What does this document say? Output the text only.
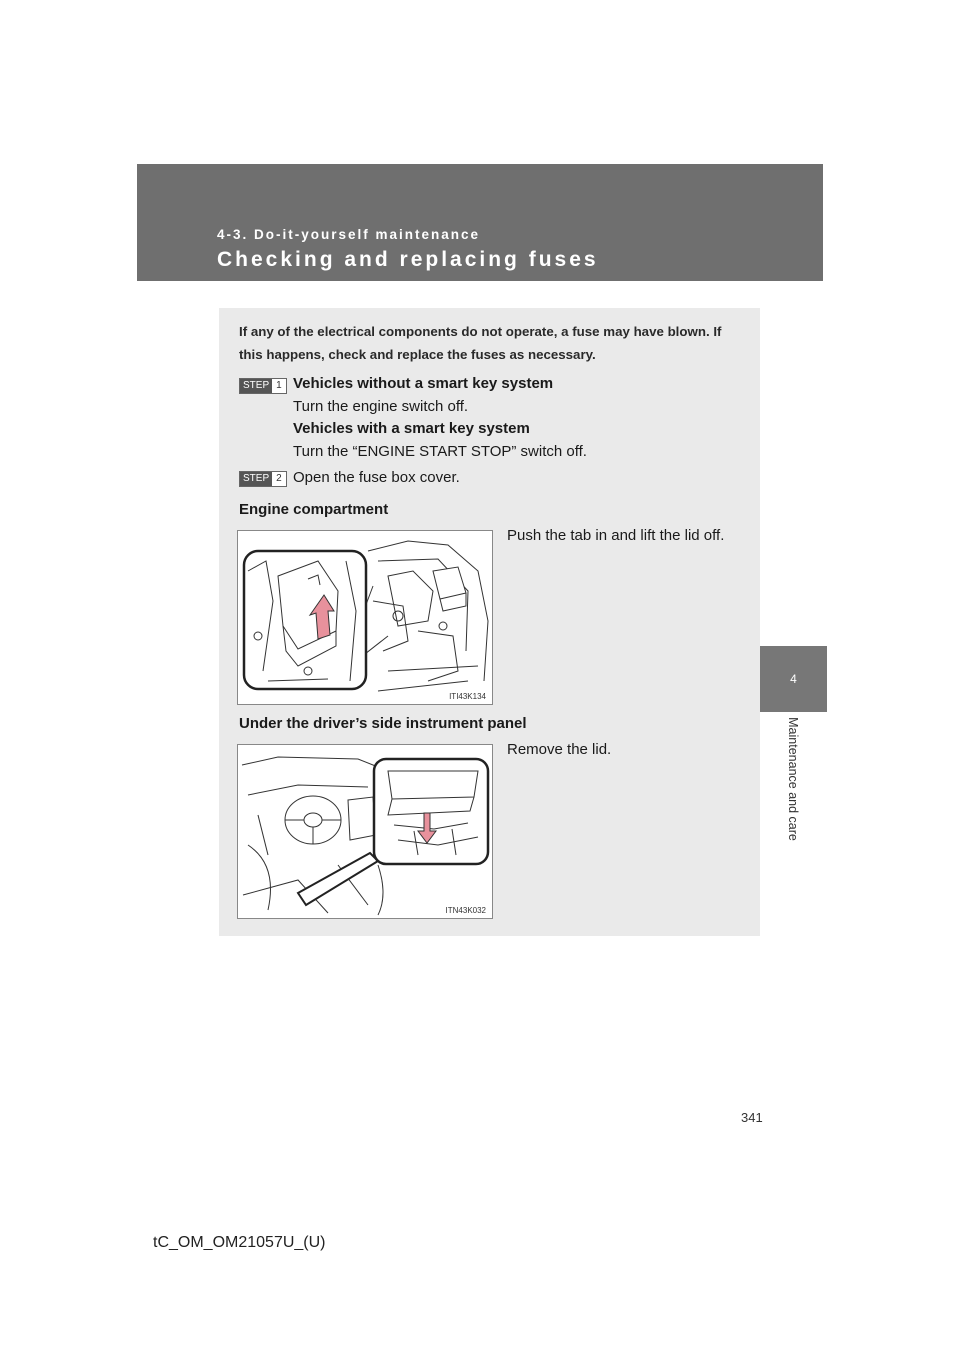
4-3. Do-it-yourself maintenance
Checking and replacing fuses
4
Maintenance and care

If any of the electrical components do not operate, a fuse may have blown. If this happens, check and replace the fuses as necessary.

STEP 1 Vehicles without a smart key system
Turn the engine switch off.
Vehicles with a smart key system
Turn the “ENGINE START STOP” switch off.
STEP 2 Open the fuse box cover.
Engine compartment
ITI43K134

Push the tab in and lift the lid off.

Under the driver’s side instrument panel
ITN43K032

Remove the lid.

341
tC_OM_OM21057U_(U)
